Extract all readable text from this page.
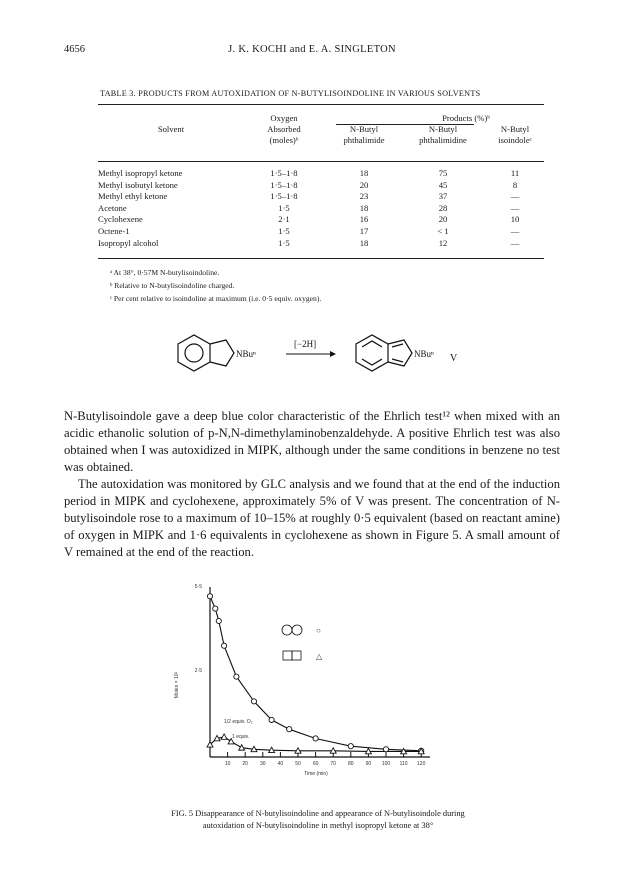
4656	J. K. KOCHI and E. A. SINGLETON
TABLE 3. PRODUCTS FROM AUTOXIDATION OF N-BUTYLISOINDOLINE IN VARIOUS SOLVENTS
	Oxygen	Products (%)ᵇ		
Solvent	Absorbed	N-Butyl	N-Butyl	N-Butyl
	(moles)ᵇ	phthalimide	phthalimidine	isoindoleᶜ
Methyl isopropyl ketone	1·5–1·8	18	75	11
Methyl isobutyl ketone	1·5–1·8	20	45	8
Methyl ethyl ketone	1·5–1·8	23	37	—
Acetone	1·5	18	28	—
Cyclohexene	2·1	16	20	10
Octene-1	1·5	17	< 1	—
Isopropyl alcohol	1·5	18	12	—
ᵃ At 38°, 0·57M N-butylisoindoline.
ᵇ Relative to N-butylisoindoline charged.
ᶜ Per cent relative to isoindoline at maximum (i.e. 0·5 equiv. oxygen).
NBuⁿ
[−2H]
NBuⁿ V

N-Butylisoindole gave a deep blue color characteristic of the Ehrlich test¹² when mixed with an acidic ethanolic solution of p-N,N-dimethylaminobenzaldehyde. A positive Ehrlich test was also obtained when I was autoxidized in MIPK, although under the same conditions in benzene no test was obtained.

The autoxidation was monitored by GLC analysis and we found that at the end of the induction period in MIPK and cyclohexene, approximately 5% of V was present. The concentration of N-butylisoindole rose to a maximum of 10–15% at roughly 0·5 equivalent (based on reactant amine) of oxygen in MIPK and 1·6 equivalents in cyclohexene as shown in Figure 5. A small amount of V remained at the end of the reaction.

5·5
2·5
Moles × 10²
Time (min)
10 20 30 40 50 60 70 80 90 100 110 120
○
△
1/2 equiv. O₂
1 equiv.
FIG. 5 Disappearance of N-butylisoindoline and appearance of N-butylisoindole during
autoxidation of N-butylisoindoline in methyl isopropyl ketone at 38°
